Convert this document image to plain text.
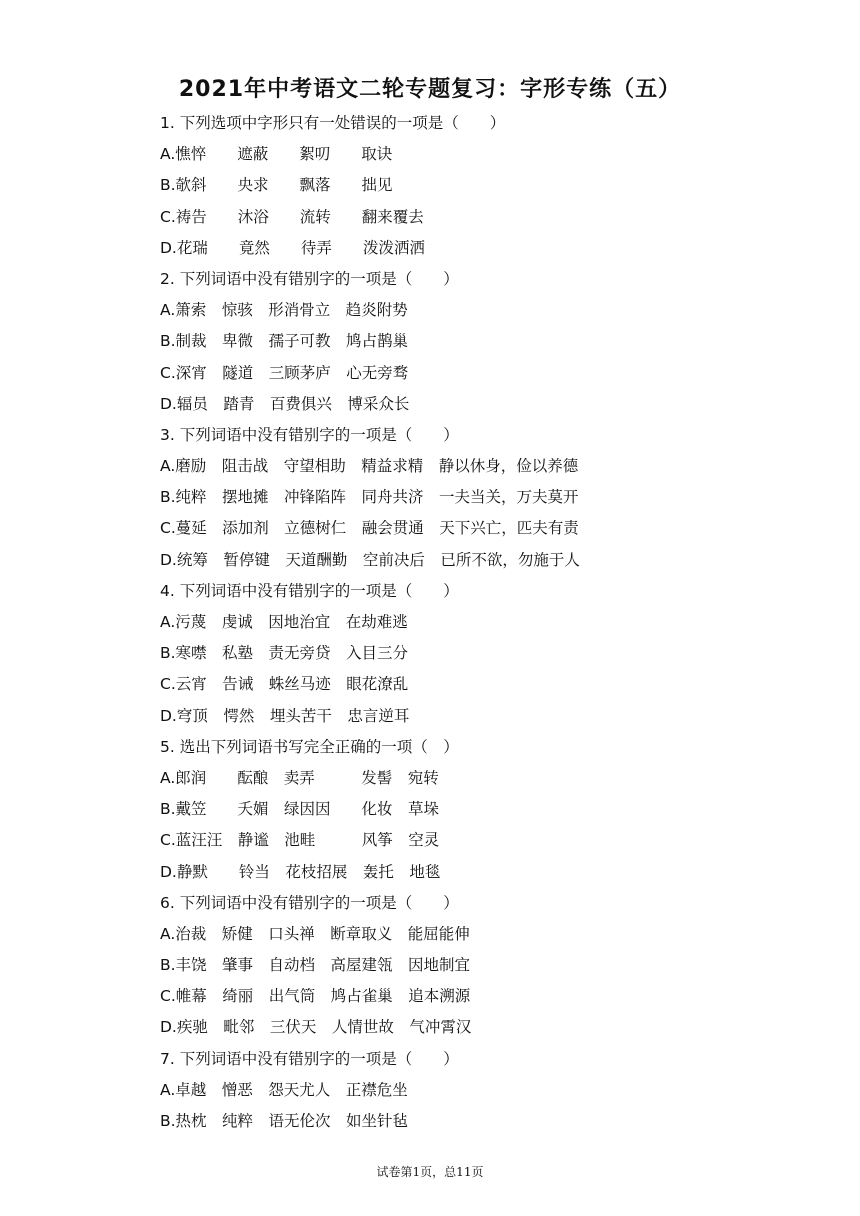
2021年中考语文二轮专题复习：字形专练（五）
1. 下列选项中字形只有一处错误的一项是（　　）
A.憔悴　　遮蔽　　絮叨　　取诀
B.欹斜　　央求　　飘落　　拙见
C.祷告　　沐浴　　流转　　翻来覆去
D.花瑞　　竟然　　待弄　　泼泼洒洒
2. 下列词语中没有错别字的一项是（　　）
A.箫索　惊骇　形消骨立　趋炎附势
B.制裁　卑微　孺子可教　鸠占鹊巢
C.深宵　隧道　三顾茅庐　心无旁骛
D.辐员　踏青　百费俱兴　博采众长
3. 下列词语中没有错别字的一项是（　　）
A.磨励　阻击战　守望相助　精益求精　静以休身，俭以养德
B.纯粹　摆地摊　冲锋陷阵　同舟共济　一夫当关，万夫莫开
C.蔓延　添加剂　立德树仁　融会贯通　天下兴亡，匹夫有责
D.统筹　暂停键　天道酬勤　空前决后　已所不欲，勿施于人
4. 下列词语中没有错别字的一项是（　　）
A.污蔑　虔诚　因地治宜　在劫难逃
B.寒噤　私塾　责无旁贷　入目三分
C.云宵　告诫　蛛丝马迹　眼花潦乱
D.穹顶　愕然　埋头苦干　忠言逆耳
5. 选出下列词语书写完全正确的一项（　）
A.郎润　　酝酿　卖弄　　　发髻　宛转
B.戴笠　　夭媚　绿因因　　化妆　草垛
C.蓝汪汪　静谧　池畦　　　风筝　空灵
D.静默　　铃当　花枝招展　轰托　地毯
6. 下列词语中没有错别字的一项是（　　）
A.治裁　矫健　口头禅　断章取义　能屈能伸
B.丰饶　肇事　自动档　高屋建瓴　因地制宜
C.帷幕　绮丽　出气筒　鸠占雀巢　追本溯源
D.疾驰　毗邻　三伏天　人情世故　气冲霄汉
7. 下列词语中没有错别字的一项是（　　）
A.卓越　憎恶　怨天尤人　正襟危坐
B.热枕　纯粹　语无伦次　如坐针毡
试卷第1页，总11页
